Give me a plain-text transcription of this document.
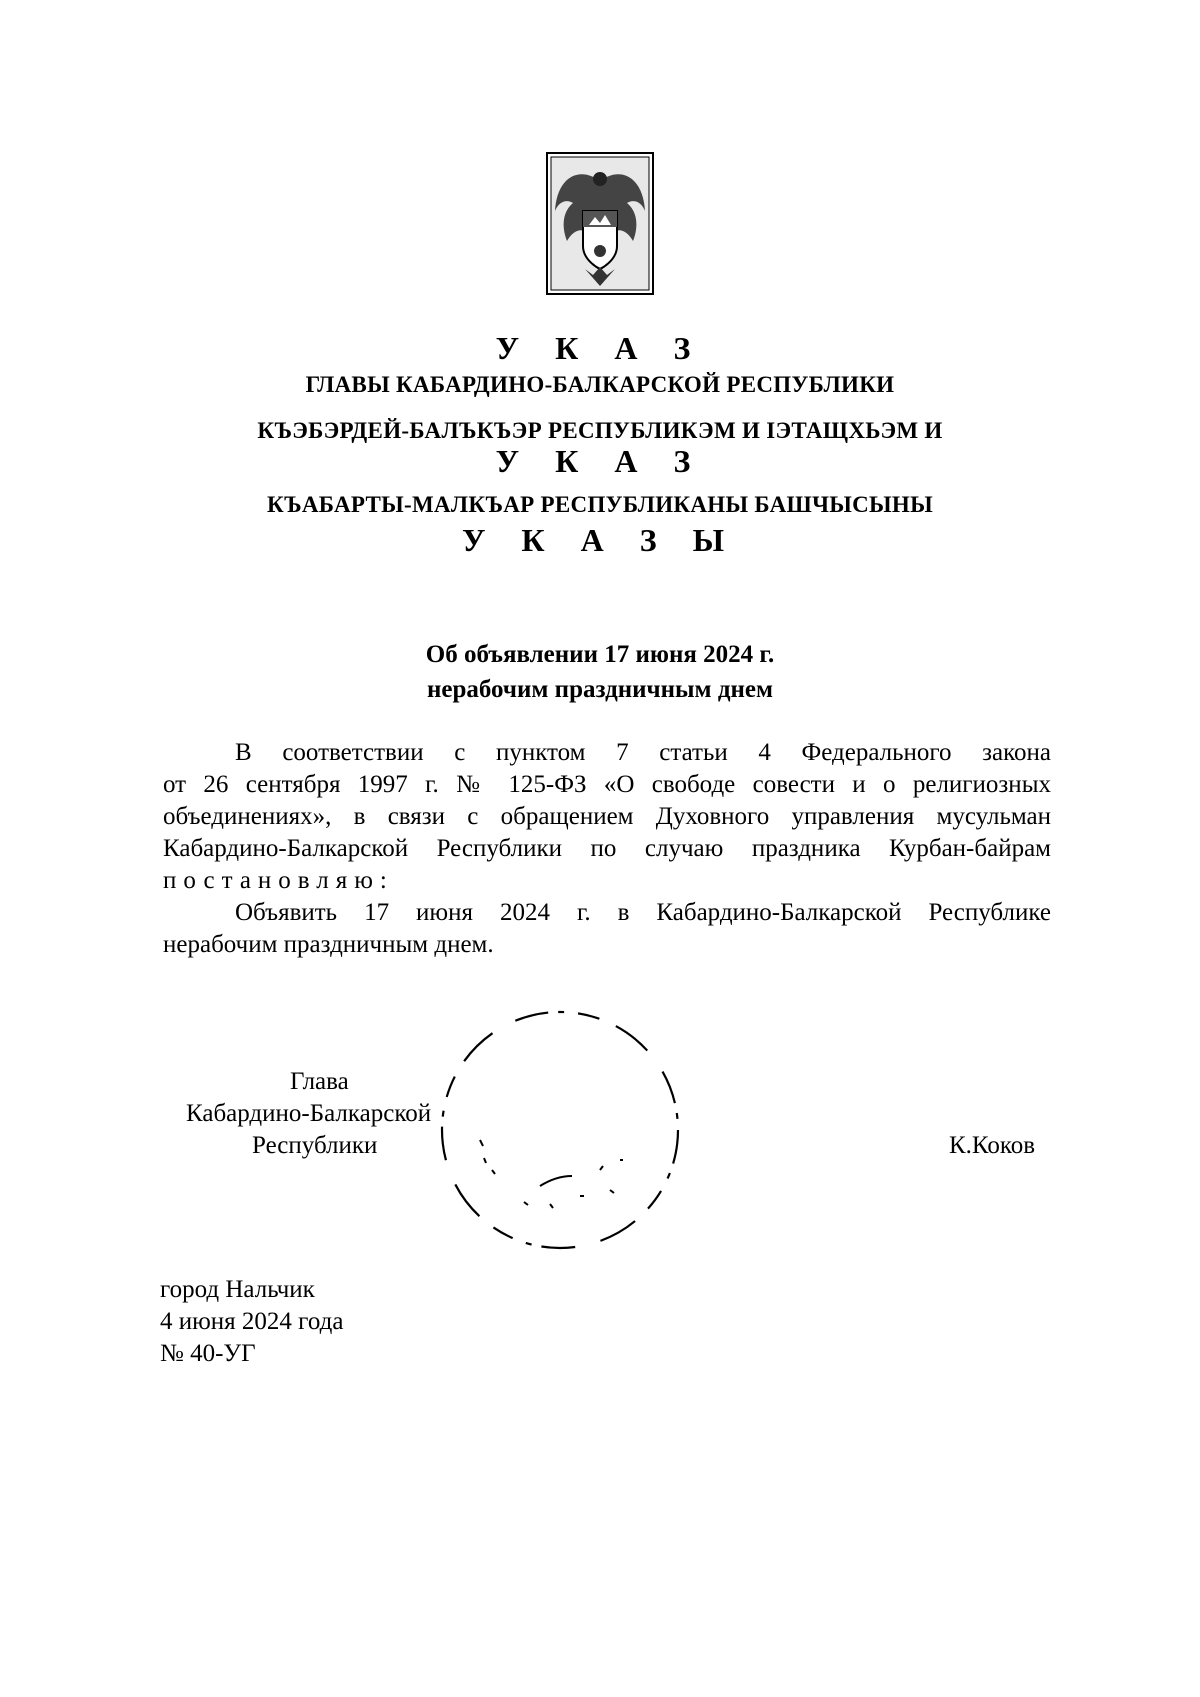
У К А З
ГЛАВЫ КАБАРДИНО-БАЛКАРСКОЙ РЕСПУБЛИКИ
КЪЭБЭРДЕЙ-БАЛЪКЪЭР РЕСПУБЛИКЭМ И ІЭТАЩХЬЭМ И
У К А З
КЪАБАРТЫ-МАЛКЪАР РЕСПУБЛИКАНЫ БАШЧЫСЫНЫ
У К А З Ы
Об объявлении 17 июня 2024 г.
нерабочим праздничным днем
В соответствии с пунктом 7 статьи 4 Федерального закона
от 26 сентября 1997 г. № 125-ФЗ «О свободе совести и о религиозных
объединениях», в связи с обращением Духовного управления мусульман
Кабардино-Балкарской Республики по случаю праздника Курбан-байрам
постановляю:
Объявить 17 июня 2024 г. в Кабардино-Балкарской Республике
нерабочим праздничным днем.
Глава
Кабардино-Балкарской
Республики	К.Коков
город Нальчик
4 июня 2024 года
№ 40-УГ
